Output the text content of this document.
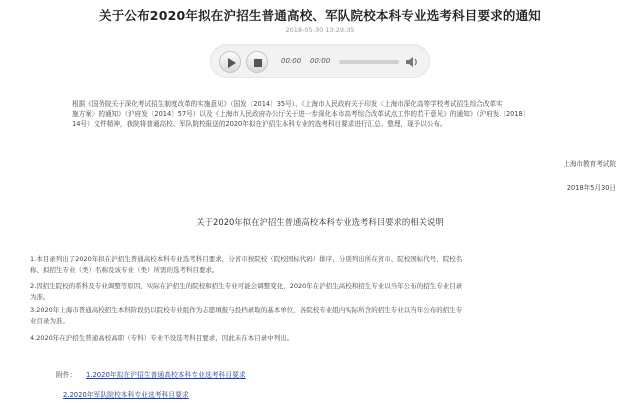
关于公布2020年拟在沪招生普通高校、军队院校本科专业选考科目要求的通知
2018-05-30 13:29:35
00:00 00:00
根据《国务院关于深化考试招生制度改革的实施意见》（国发〔2014〕35号）、《上海市人民政府关于印发〈上海市深化高等学校考试招生综合改革实
施方案〉的通知》（沪府发〔2014〕57号）以及《上海市人民政府办公厅关于进一步深化本市高考综合改革试点工作的若干意见》的通知》（沪府发〔2018〕
14号）文件精神，我院将普通高校、军队院校报送的2020年拟在沪招生本科专业的选考科目要求进行汇总、整理，现予以公布。
上海市教育考试院
2018年5月30日
关于2020年拟在沪招生普通高校本科专业选考科目要求的相关说明
1.本目录列出了2020年拟在沪招生普通高校本科专业选考科目要求，分省市按院校（院校国标代码）排序，分别列出所在省市、院校国标代号、院校名
称、拟招生专业（类）名称及该专业（类）所需的选考科目要求。
2.因招生院校的系科及专业调整等原因，实际在沪招生的院校和招生专业可能会调整变化，2020年在沪招生高校和招生专业以当年公布的招生专业目录
为准。
3.2020年上海市普通高校招生本科阶段仍以院校专业组作为志愿填报与投档录取的基本单位，各院校专业组内实际所含的招生专业以当年公布的招生专
业目录为准。
4.2020年在沪招生普通高校高职（专科）专业不设选考科目要求，因此未在本目录中列出。
附件： 1.2020年拟在沪招生普通高校本科专业选考科目要求
2.2020年军队院校本科专业选考科目要求
